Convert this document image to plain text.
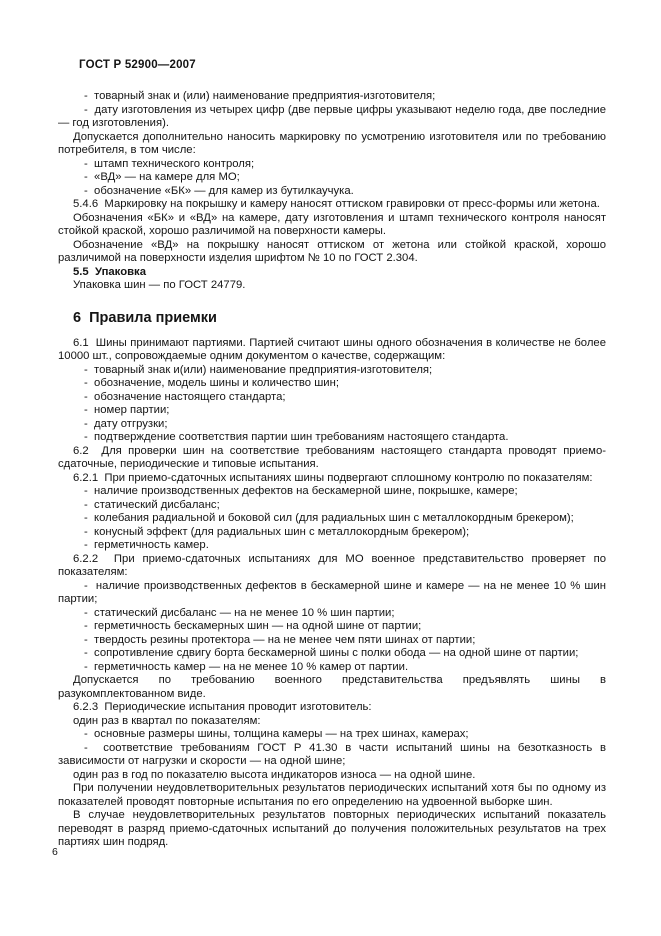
ГОСТ Р 52900—2007
-  товарный знак и (или) наименование предприятия-изготовителя;
-  дату изготовления из четырех цифр (две первые цифры указывают неделю года, две последние — год изготовления).
Допускается дополнительно наносить маркировку по усмотрению изготовителя или по требованию потребителя, в том числе:
-  штамп технического контроля;
-  «ВД» — на камере для МО;
-  обозначение «БК» — для камер из бутилкаучука.
5.4.6  Маркировку на покрышку и камеру наносят оттиском гравировки от пресс-формы или жетона.
Обозначения «БК» и «ВД» на камере, дату изготовления и штамп технического контроля наносят стойкой краской, хорошо различимой на поверхности камеры.
Обозначение «ВД» на покрышку наносят оттиском от жетона или стойкой краской, хорошо различимой на поверхности изделия шрифтом № 10 по ГОСТ 2.304.
5.5  Упаковка
Упаковка шин — по ГОСТ 24779.
6  Правила приемки
6.1  Шины принимают партиями. Партией считают шины одного обозначения в количестве не более 10000 шт., сопровождаемые одним документом о качестве, содержащим:
-  товарный знак и(или) наименование предприятия-изготовителя;
-  обозначение, модель шины и количество шин;
-  обозначение настоящего стандарта;
-  номер партии;
-  дату отгрузки;
-  подтверждение соответствия партии шин требованиям настоящего стандарта.
6.2  Для проверки шин на соответствие требованиям настоящего стандарта проводят приемо-сдаточные, периодические и типовые испытания.
6.2.1  При приемо-сдаточных испытаниях шины подвергают сплошному контролю по показателям:
-  наличие производственных дефектов на бескамерной шине, покрышке, камере;
-  статический дисбаланс;
-  колебания радиальной и боковой сил (для радиальных шин с металлокордным брекером);
-  конусный эффект (для радиальных шин с металлокордным брекером);
-  герметичность камер.
6.2.2  При приемо-сдаточных испытаниях для МО военное представительство проверяет по показателям:
-  наличие производственных дефектов в бескамерной шине и камере — на не менее 10 % шин партии;
-  статический дисбаланс — на не менее 10 % шин партии;
-  герметичность бескамерных шин — на одной шине от партии;
-  твердость резины протектора — на не менее чем пяти шинах от партии;
-  сопротивление сдвигу борта бескамерной шины с полки обода — на одной шине от партии;
-  герметичность камер — на не менее 10 % камер от партии.
Допускается по требованию военного представительства предъявлять шины в разукомплектованном виде.
6.2.3  Периодические испытания проводит изготовитель:
один раз в квартал по показателям:
-  основные размеры шины, толщина камеры — на трех шинах, камерах;
-  соответствие требованиям ГОСТ Р 41.30 в части испытаний шины на безотказность в зависимости от нагрузки и скорости — на одной шине;
один раз в год по показателю высота индикаторов износа — на одной шине.
При получении неудовлетворительных результатов периодических испытаний хотя бы по одному из показателей проводят повторные испытания по его определению на удвоенной выборке шин.
В случае неудовлетворительных результатов повторных периодических испытаний показатель переводят в разряд приемо-сдаточных испытаний до получения положительных результатов на трех партиях шин подряд.
6
